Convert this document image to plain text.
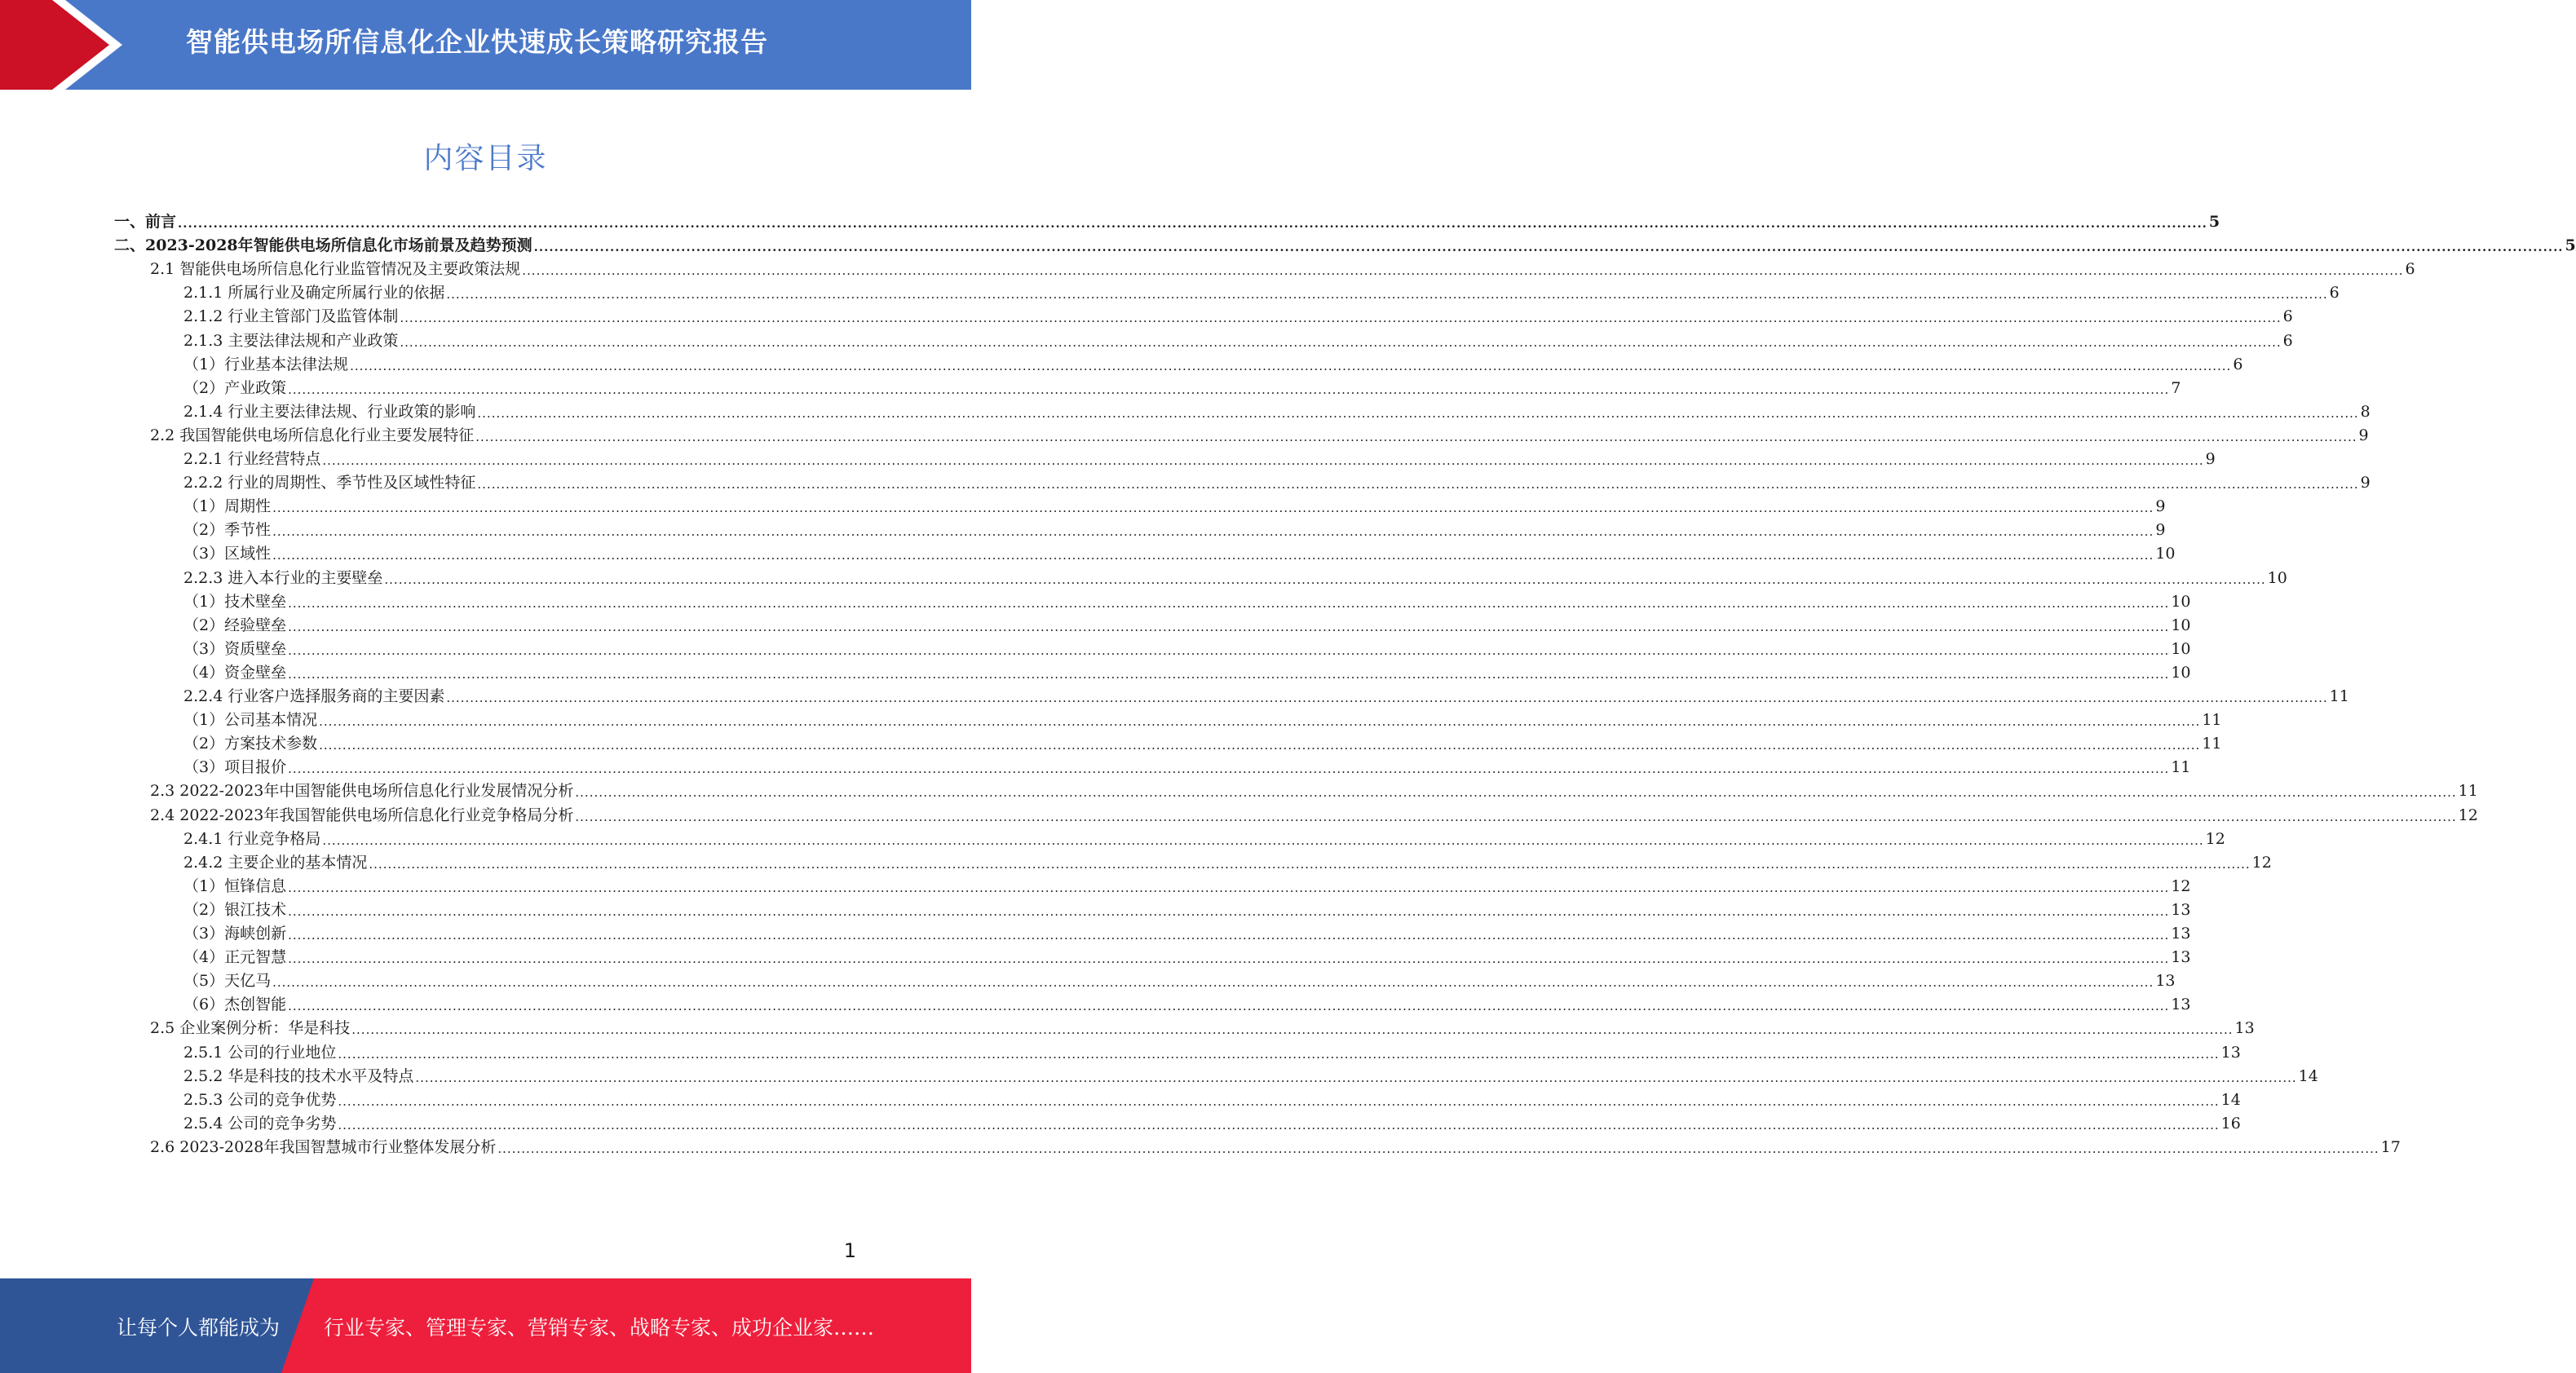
智能供电场所信息化企业快速成长策略研究报告
内容目录
一、前言 ................................................................................................................................................................................................................................................................................................................................................................................................................ 5
二、2023-2028年智能供电场所信息化市场前景及趋势预测 ................................................................................................................................................................................................................................................................................................................................................................................................................ 5
2.1 智能供电场所信息化行业监管情况及主要政策法规 ................................................................................................................................................................................................................................................................................................................................................................................................................ 6
2.1.1 所属行业及确定所属行业的依据 ................................................................................................................................................................................................................................................................................................................................................................................................................ 6
2.1.2 行业主管部门及监管体制 ................................................................................................................................................................................................................................................................................................................................................................................................................ 6
2.1.3 主要法律法规和产业政策 ................................................................................................................................................................................................................................................................................................................................................................................................................ 6
（1）行业基本法律法规 ................................................................................................................................................................................................................................................................................................................................................................................................................ 6
（2）产业政策 ................................................................................................................................................................................................................................................................................................................................................................................................................ 7
2.1.4 行业主要法律法规、行业政策的影响 ................................................................................................................................................................................................................................................................................................................................................................................................................ 8
2.2 我国智能供电场所信息化行业主要发展特征 ................................................................................................................................................................................................................................................................................................................................................................................................................ 9
2.2.1 行业经营特点 ................................................................................................................................................................................................................................................................................................................................................................................................................ 9
2.2.2 行业的周期性、季节性及区域性特征 ................................................................................................................................................................................................................................................................................................................................................................................................................ 9
（1）周期性 ................................................................................................................................................................................................................................................................................................................................................................................................................ 9
（2）季节性 ................................................................................................................................................................................................................................................................................................................................................................................................................ 9
（3）区域性 ................................................................................................................................................................................................................................................................................................................................................................................................................ 10
2.2.3 进入本行业的主要壁垒 ................................................................................................................................................................................................................................................................................................................................................................................................................ 10
（1）技术壁垒 ................................................................................................................................................................................................................................................................................................................................................................................................................ 10
（2）经验壁垒 ................................................................................................................................................................................................................................................................................................................................................................................................................ 10
（3）资质壁垒 ................................................................................................................................................................................................................................................................................................................................................................................................................ 10
（4）资金壁垒 ................................................................................................................................................................................................................................................................................................................................................................................................................ 10
2.2.4 行业客户选择服务商的主要因素 ................................................................................................................................................................................................................................................................................................................................................................................................................ 11
（1）公司基本情况 ................................................................................................................................................................................................................................................................................................................................................................................................................ 11
（2）方案技术参数 ................................................................................................................................................................................................................................................................................................................................................................................................................ 11
（3）项目报价 ................................................................................................................................................................................................................................................................................................................................................................................................................ 11
2.3 2022-2023年中国智能供电场所信息化行业发展情况分析 ................................................................................................................................................................................................................................................................................................................................................................................................................ 11
2.4 2022-2023年我国智能供电场所信息化行业竞争格局分析 ................................................................................................................................................................................................................................................................................................................................................................................................................ 12
2.4.1 行业竞争格局 ................................................................................................................................................................................................................................................................................................................................................................................................................ 12
2.4.2 主要企业的基本情况 ................................................................................................................................................................................................................................................................................................................................................................................................................ 12
（1）恒锋信息 ................................................................................................................................................................................................................................................................................................................................................................................................................ 12
（2）银江技术 ................................................................................................................................................................................................................................................................................................................................................................................................................ 13
（3）海峡创新 ................................................................................................................................................................................................................................................................................................................................................................................................................ 13
（4）正元智慧 ................................................................................................................................................................................................................................................................................................................................................................................................................ 13
（5）天亿马 ................................................................................................................................................................................................................................................................................................................................................................................................................ 13
（6）杰创智能 ................................................................................................................................................................................................................................................................................................................................................................................................................ 13
2.5 企业案例分析：华是科技 ................................................................................................................................................................................................................................................................................................................................................................................................................ 13
2.5.1 公司的行业地位 ................................................................................................................................................................................................................................................................................................................................................................................................................ 13
2.5.2 华是科技的技术水平及特点 ................................................................................................................................................................................................................................................................................................................................................................................................................ 14
2.5.3 公司的竞争优势 ................................................................................................................................................................................................................................................................................................................................................................................................................ 14
2.5.4 公司的竞争劣势 ................................................................................................................................................................................................................................................................................................................................................................................................................ 16
2.6 2023-2028年我国智慧城市行业整体发展分析 ................................................................................................................................................................................................................................................................................................................................................................................................................ 17
1
让每个人都能成为 行业专家、管理专家、营销专家、战略专家、成功企业家……
